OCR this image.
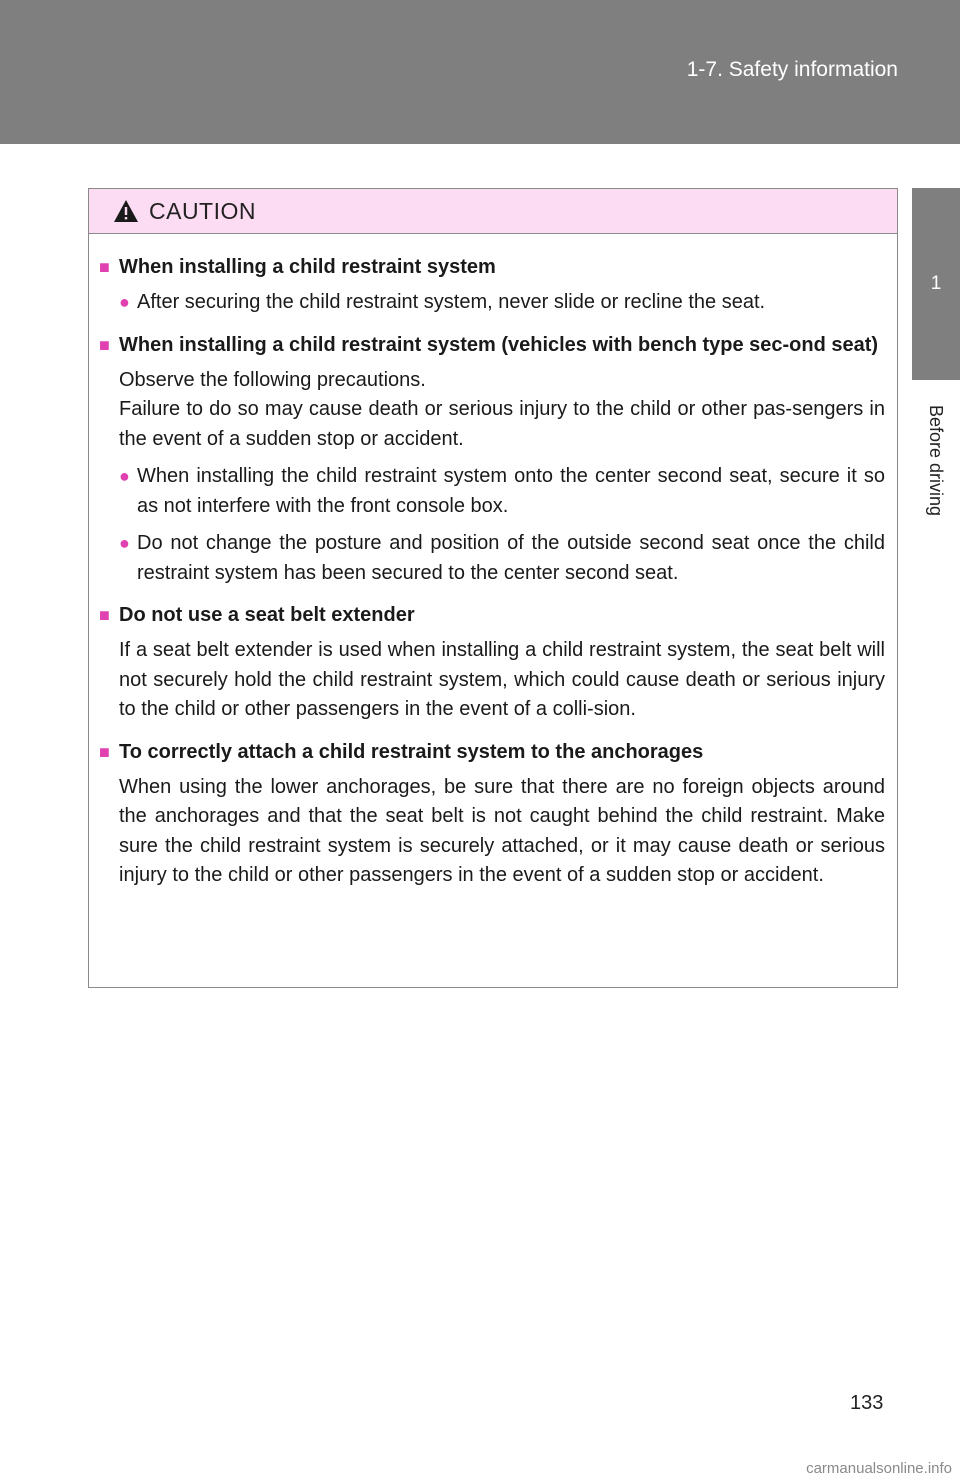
1-7. Safety information
1
Before driving
CAUTION
■ When installing a child restraint system
● After securing the child restraint system, never slide or recline the seat.
■ When installing a child restraint system (vehicles with bench type sec-ond seat)
Observe the following precautions.
Failure to do so may cause death or serious injury to the child or other pas-sengers in the event of a sudden stop or accident.
● When installing the child restraint system onto the center second seat, secure it so as not interfere with the front console box.
● Do not change the posture and position of the outside second seat once the child restraint system has been secured to the center second seat.
■ Do not use a seat belt extender
If a seat belt extender is used when installing a child restraint system, the seat belt will not securely hold the child restraint system, which could cause death or serious injury to the child or other passengers in the event of a colli-sion.
■ To correctly attach a child restraint system to the anchorages
When using the lower anchorages, be sure that there are no foreign objects around the anchorages and that the seat belt is not caught behind the child restraint. Make sure the child restraint system is securely attached, or it may cause death or serious injury to the child or other passengers in the event of a sudden stop or accident.
133
carmanualsonline.info
